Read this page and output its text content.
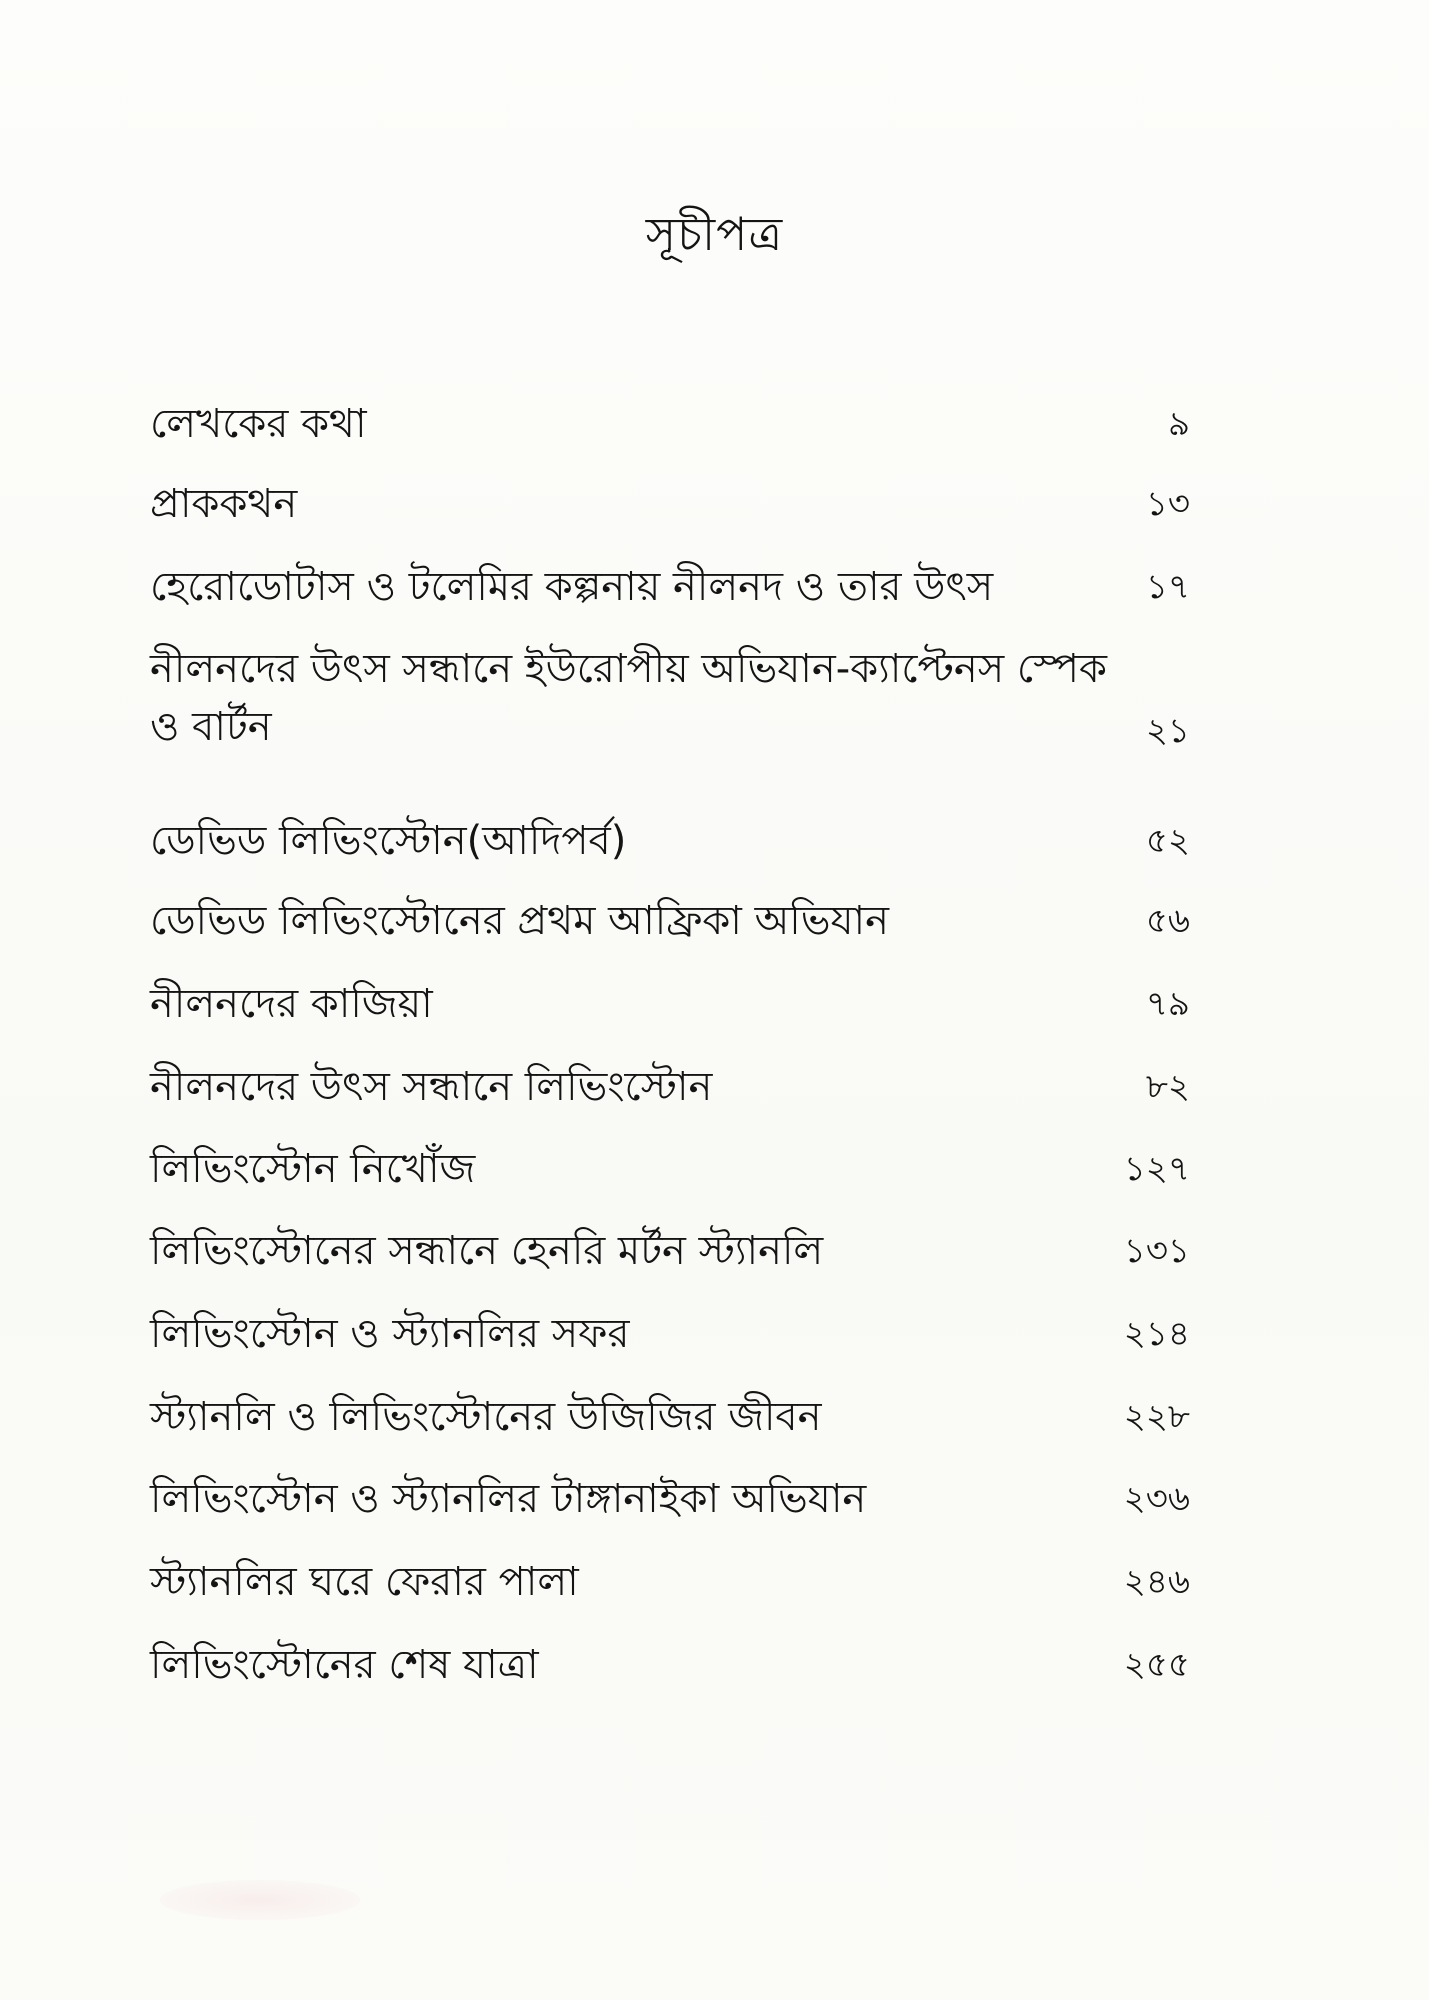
সূচীপত্র
লেখকের কথা	৯
প্রাককথন	১৩
হেরোডোটাস ও টলেমির কল্পনায় নীলনদ ও তার উৎস	১৭
নীলনদের উৎস সন্ধানে ইউরোপীয় অভিযান-ক্যাপ্টেনস স্পেক ও বার্টন	২১
ডেভিড লিভিংস্টোন(আদিপর্ব)	৫২
ডেভিড লিভিংস্টোনের প্রথম আফ্রিকা অভিযান	৫৬
নীলনদের কাজিয়া	৭৯
নীলনদের উৎস সন্ধানে লিভিংস্টোন	৮২
লিভিংস্টোন নিখোঁজ	১২৭
লিভিংস্টোনের সন্ধানে হেনরি মর্টন স্ট্যানলি	১৩১
লিভিংস্টোন ও স্ট্যানলির সফর	২১৪
স্ট্যানলি ও লিভিংস্টোনের উজিজির জীবন	২২৮
লিভিংস্টোন ও স্ট্যানলির টাঙ্গানাইকা অভিযান	২৩৬
স্ট্যানলির ঘরে ফেরার পালা	২৪৬
লিভিংস্টোনের শেষ যাত্রা	২৫৫
